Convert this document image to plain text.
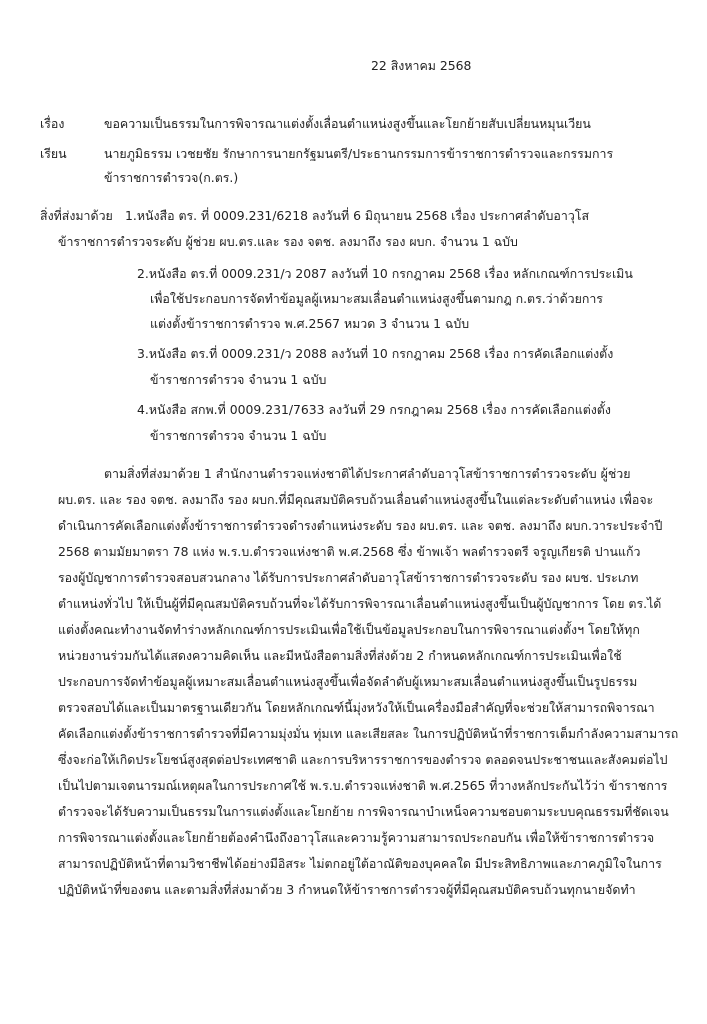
22 สิงหาคม 2568
เรื่อง	ขอความเป็นธรรมในการพิจารณาแต่งตั้งเลื่อนตำแหน่งสูงขึ้นและโยกย้ายสับเปลี่ยนหมุนเวียน
เรียน	นายภูมิธรรม เวชยชัย รักษาการนายกรัฐมนตรี/ประธานกรรมการข้าราชการตำรวจและกรรมการ
ข้าราชการตำรวจ(ก.ตร.)
สิ่งที่ส่งมาด้วย 1.หนังสือ ตร. ที่ 0009.231/6218 ลงวันที่ 6 มิถุนายน 2568 เรื่อง ประกาศลำดับอาวุโส
ข้าราชการตำรวจระดับ ผู้ช่วย ผบ.ตร.และ รอง จตช. ลงมาถึง รอง ผบก. จำนวน 1 ฉบับ
2.หนังสือ ตร.ที่ 0009.231/ว 2087 ลงวันที่ 10 กรกฎาคม 2568 เรื่อง หลักเกณฑ์การประเมิน
เพื่อใช้ประกอบการจัดทำข้อมูลผู้เหมาะสมเลื่อนตำแหน่งสูงขึ้นตามกฎ ก.ตร.ว่าด้วยการ
แต่งตั้งข้าราชการตำรวจ พ.ศ.2567 หมวด 3 จำนวน 1 ฉบับ
3.หนังสือ ตร.ที่ 0009.231/ว 2088 ลงวันที่ 10 กรกฎาคม 2568 เรื่อง การคัดเลือกแต่งตั้ง
ข้าราชการตำรวจ จำนวน 1 ฉบับ
4.หนังสือ สกพ.ที่ 0009.231/7633 ลงวันที่ 29 กรกฎาคม 2568 เรื่อง การคัดเลือกแต่งตั้ง
ข้าราชการตำรวจ จำนวน 1 ฉบับ
ตามสิ่งที่ส่งมาด้วย 1 สำนักงานตำรวจแห่งชาติได้ประกาศลำดับอาวุโสข้าราชการตำรวจระดับ ผู้ช่วย
ผบ.ตร. และ รอง จตช. ลงมาถึง รอง ผบก.ที่มีคุณสมบัติครบถ้วนเลื่อนตำแหน่งสูงขึ้นในแต่ละระดับตำแหน่ง เพื่อจะ
ดำเนินการคัดเลือกแต่งตั้งข้าราชการตำรวจดำรงตำแหน่งระดับ รอง ผบ.ตร. และ จตช. ลงมาถึง ผบก.วาระประจำปี
2568 ตามมัยมาตรา 78 แห่ง พ.ร.บ.ตำรวจแห่งชาติ พ.ศ.2568 ซึ่ง ข้าพเจ้า พลตำรวจตรี จรูญเกียรติ ปานแก้ว
รองผู้บัญชาการตำรวจสอบสวนกลาง ได้รับการประกาศลำดับอาวุโสข้าราชการตำรวจระดับ รอง ผบช. ประเภท
ตำแหน่งทั่วไป ให้เป็นผู้ที่มีคุณสมบัติครบถ้วนที่จะได้รับการพิจารณาเลื่อนตำแหน่งสูงขึ้นเป็นผู้บัญชาการ โดย ตร.ได้
แต่งตั้งคณะทำงานจัดทำร่างหลักเกณฑ์การประเมินเพื่อใช้เป็นข้อมูลประกอบในการพิจารณาแต่งตั้งฯ โดยให้ทุก
หน่วยงานร่วมกันได้แสดงความคิดเห็น และมีหนังสือตามสิ่งที่ส่งด้วย 2 กำหนดหลักเกณฑ์การประเมินเพื่อใช้
ประกอบการจัดทำข้อมูลผู้เหมาะสมเลื่อนตำแหน่งสูงขึ้นเพื่อจัดลำดับผู้เหมาะสมเลื่อนตำแหน่งสูงขึ้นเป็นรูปธรรม
ตรวจสอบได้และเป็นมาตรฐานเดียวกัน โดยหลักเกณฑ์นี้มุ่งหวังให้เป็นเครื่องมือสำคัญที่จะช่วยให้สามารถพิจารณา
คัดเลือกแต่งตั้งข้าราชการตำรวจที่มีความมุ่งมั่น ทุ่มเท และเสียสละ ในการปฏิบัติหน้าที่ราชการเต็มกำลังความสามารถ
ซึ่งจะก่อให้เกิดประโยชน์สูงสุดต่อประเทศชาติ และการบริหารราชการของตำรวจ ตลอดจนประชาชนและสังคมต่อไป
เป็นไปตามเจตนารมณ์เหตุผลในการประกาศใช้ พ.ร.บ.ตำรวจแห่งชาติ พ.ศ.2565 ที่วางหลักประกันไว้ว่า ข้าราชการ
ตำรวจจะได้รับความเป็นธรรมในการแต่งตั้งและโยกย้าย การพิจารณาบำเหน็จความชอบตามระบบคุณธรรมที่ชัดเจน
การพิจารณาแต่งตั้งและโยกย้ายต้องคำนึงถึงอาวุโสและความรู้ความสามารถประกอบกัน เพื่อให้ข้าราชการตำรวจ
สามารถปฏิบัติหน้าที่ตามวิชาชีพได้อย่างมีอิสระ ไม่ตกอยู่ใต้อาณัติของบุคคลใด มีประสิทธิภาพและภาคภูมิใจในการ
ปฏิบัติหน้าที่ของตน และตามสิ่งที่ส่งมาด้วย 3 กำหนดให้ข้าราชการตำรวจผู้ที่มีคุณสมบัติครบถ้วนทุกนายจัดทำ
